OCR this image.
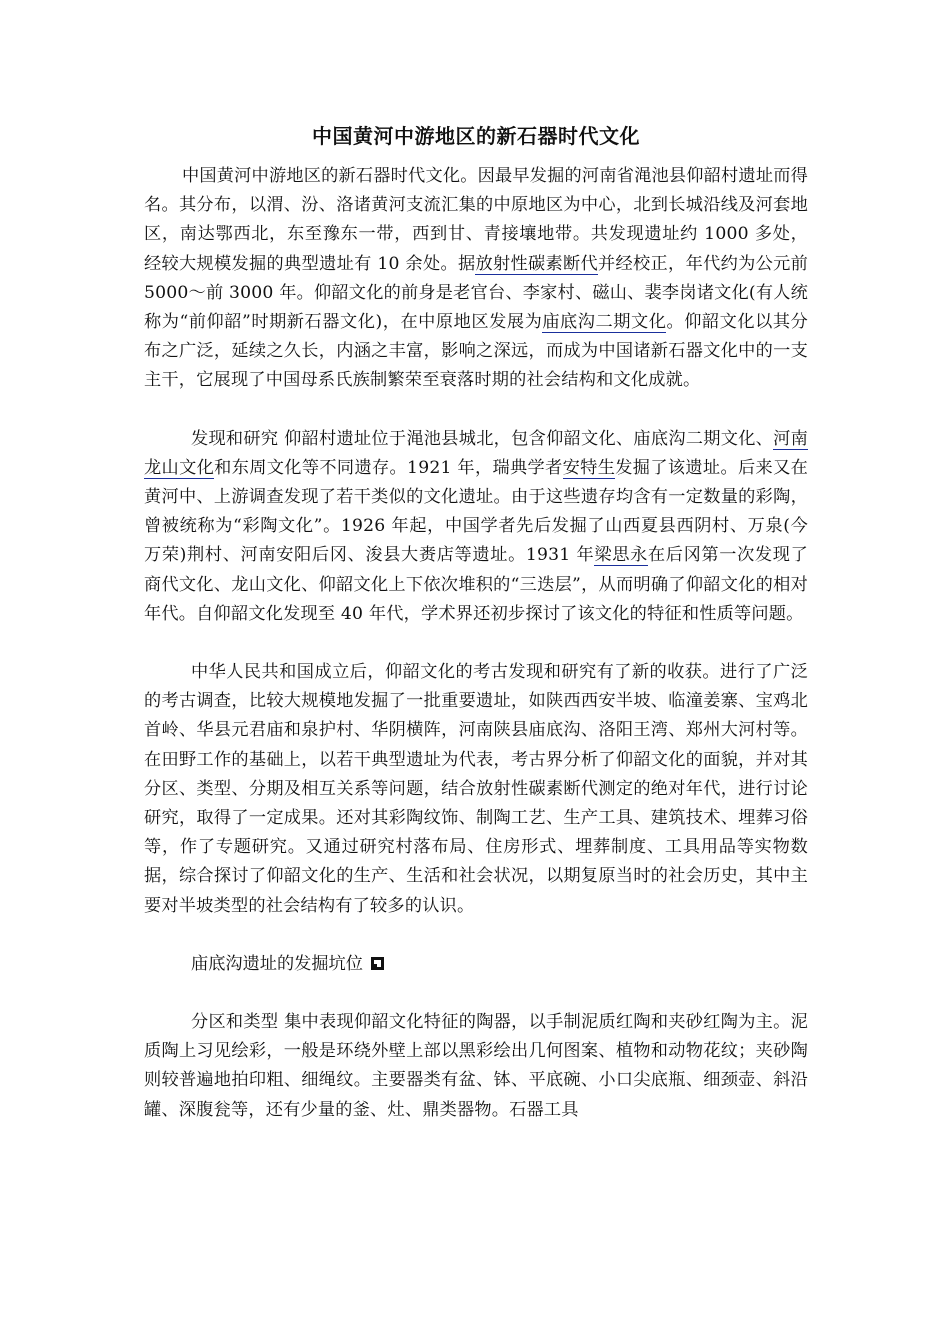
中国黄河中游地区的新石器时代文化

中国黄河中游地区的新石器时代文化。因最早发掘的河南省渑池县仰韶村遗址而得名。其分布，以渭、汾、洛诸黄河支流汇集的中原地区为中心，北到长城沿线及河套地区，南达鄂西北，东至豫东一带，西到甘、青接壤地带。共发现遗址约 1000 多处，经较大规模发掘的典型遗址有 10 余处。据放射性碳素断代并经校正，年代约为公元前 5000～前 3000 年。仰韶文化的前身是老官台、李家村、磁山、裴李岗诸文化(有人统称为“前仰韶”时期新石器文化)，在中原地区发展为庙底沟二期文化。仰韶文化以其分布之广泛，延续之久长，内涵之丰富，影响之深远，而成为中国诸新石器文化中的一支主干，它展现了中国母系氏族制繁荣至衰落时期的社会结构和文化成就。

发现和研究 仰韶村遗址位于渑池县城北，包含仰韶文化、庙底沟二期文化、河南龙山文化和东周文化等不同遗存。1921 年，瑞典学者安特生发掘了该遗址。后来又在黄河中、上游调查发现了若干类似的文化遗址。由于这些遗存均含有一定数量的彩陶，曾被统称为“彩陶文化”。1926 年起，中国学者先后发掘了山西夏县西阴村、万泉(今万荣)荆村、河南安阳后冈、浚县大赉店等遗址。1931 年梁思永在后冈第一次发现了商代文化、龙山文化、仰韶文化上下依次堆积的“三迭层”，从而明确了仰韶文化的相对年代。自仰韶文化发现至 40 年代，学术界还初步探讨了该文化的特征和性质等问题。

中华人民共和国成立后，仰韶文化的考古发现和研究有了新的收获。进行了广泛的考古调查，比较大规模地发掘了一批重要遗址，如陕西西安半坡、临潼姜寨、宝鸡北首岭、华县元君庙和泉护村、华阴横阵，河南陕县庙底沟、洛阳王湾、郑州大河村等。在田野工作的基础上，以若干典型遗址为代表，考古界分析了仰韶文化的面貌，并对其分区、类型、分期及相互关系等问题，结合放射性碳素断代测定的绝对年代，进行讨论研究，取得了一定成果。还对其彩陶纹饰、制陶工艺、生产工具、建筑技术、埋葬习俗等，作了专题研究。又通过研究村落布局、住房形式、埋葬制度、工具用品等实物数据，综合探讨了仰韶文化的生产、生活和社会状况，以期复原当时的社会历史，其中主要对半坡类型的社会结构有了较多的认识。

庙底沟遗址的发掘坑位

分区和类型 集中表现仰韶文化特征的陶器，以手制泥质红陶和夹砂红陶为主。泥质陶上习见绘彩，一般是环绕外壁上部以黑彩绘出几何图案、植物和动物花纹；夹砂陶则较普遍地拍印粗、细绳纹。主要器类有盆、钵、平底碗、小口尖底瓶、细颈壶、斜沿罐、深腹瓮等，还有少量的釜、灶、鼎类器物。石器工具
